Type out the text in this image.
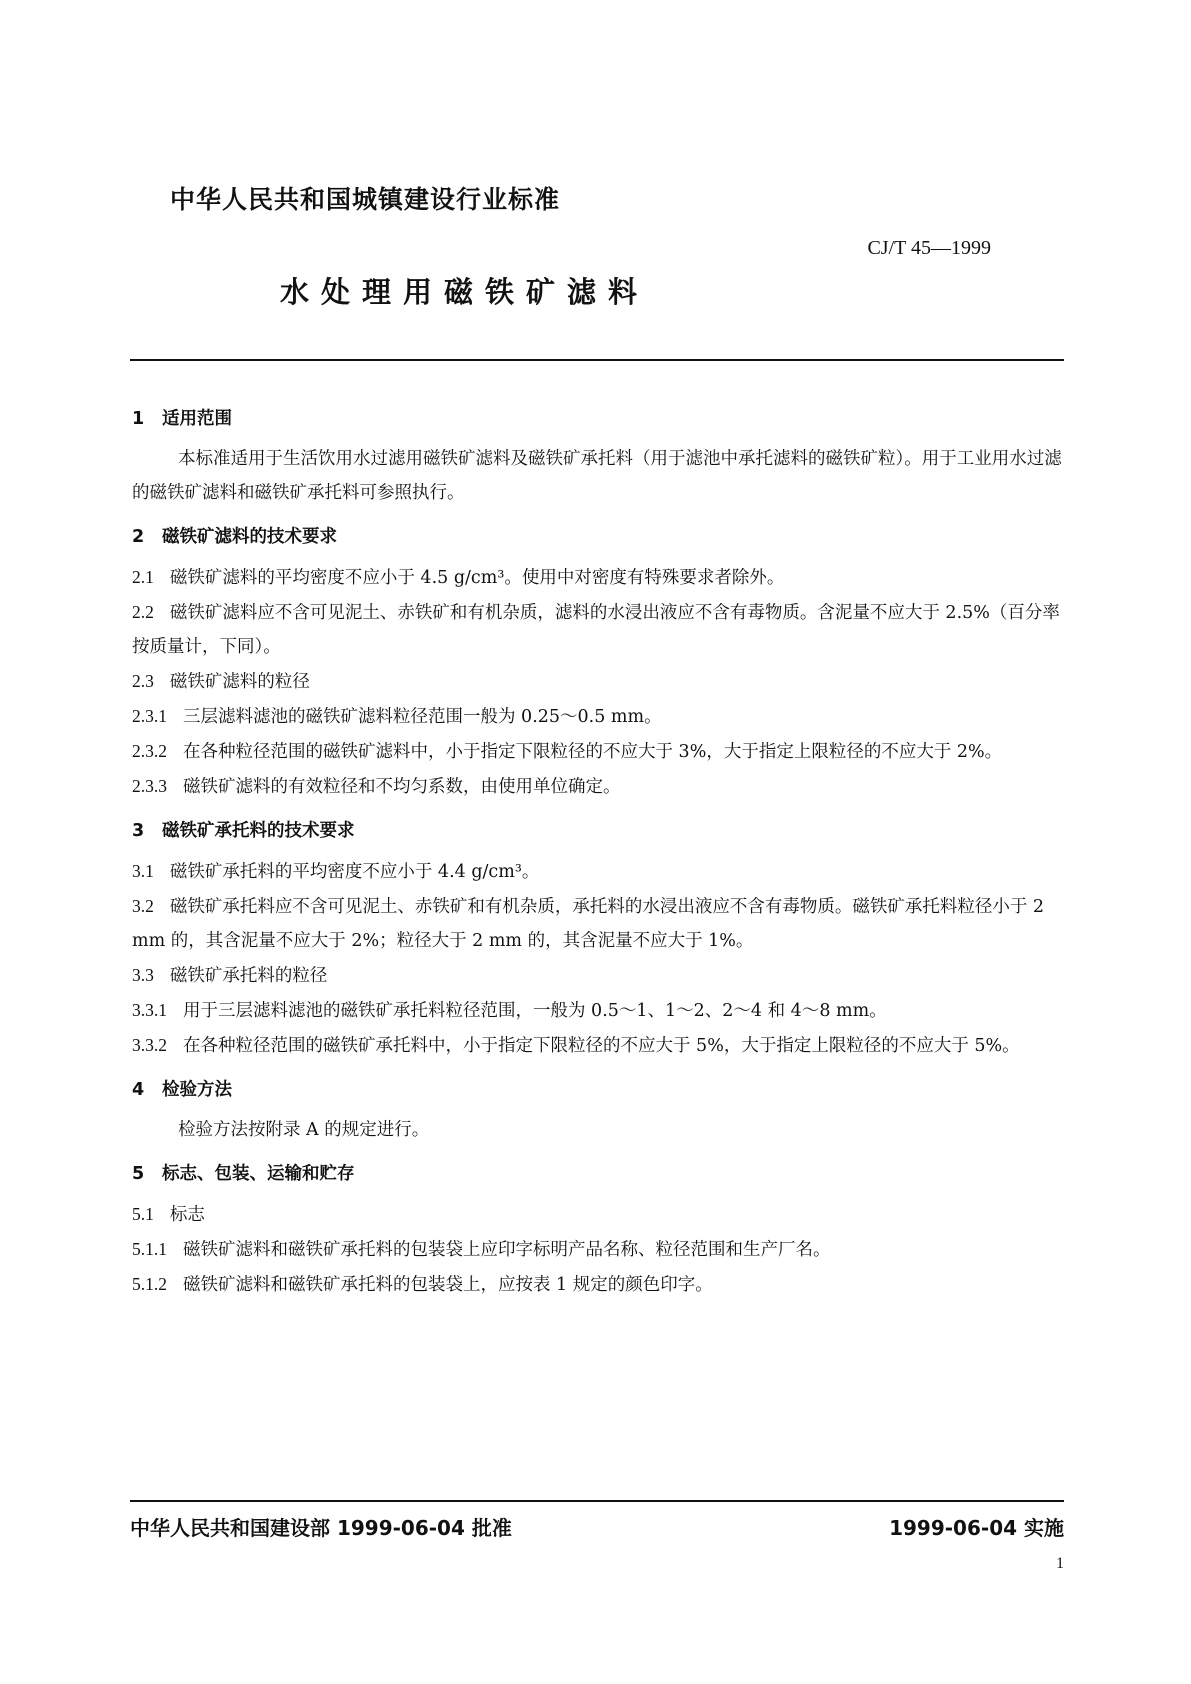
中华人民共和国城镇建设行业标准
CJ/T 45—1999
水处理用磁铁矿滤料
1 适用范围
本标准适用于生活饮用水过滤用磁铁矿滤料及磁铁矿承托料（用于滤池中承托滤料的磁铁矿粒）。用于工业用水过滤的磁铁矿滤料和磁铁矿承托料可参照执行。
2 磁铁矿滤料的技术要求
2.1 磁铁矿滤料的平均密度不应小于 4.5 g/cm³。使用中对密度有特殊要求者除外。
2.2 磁铁矿滤料应不含可见泥土、赤铁矿和有机杂质，滤料的水浸出液应不含有毒物质。含泥量不应大于 2.5%（百分率按质量计，下同）。
2.3 磁铁矿滤料的粒径
2.3.1 三层滤料滤池的磁铁矿滤料粒径范围一般为 0.25～0.5 mm。
2.3.2 在各种粒径范围的磁铁矿滤料中，小于指定下限粒径的不应大于 3%，大于指定上限粒径的不应大于 2%。
2.3.3 磁铁矿滤料的有效粒径和不均匀系数，由使用单位确定。
3 磁铁矿承托料的技术要求
3.1 磁铁矿承托料的平均密度不应小于 4.4 g/cm³。
3.2 磁铁矿承托料应不含可见泥土、赤铁矿和有机杂质，承托料的水浸出液应不含有毒物质。磁铁矿承托料粒径小于 2 mm 的，其含泥量不应大于 2%；粒径大于 2 mm 的，其含泥量不应大于 1%。
3.3 磁铁矿承托料的粒径
3.3.1 用于三层滤料滤池的磁铁矿承托料粒径范围，一般为 0.5～1、1～2、2～4 和 4～8 mm。
3.3.2 在各种粒径范围的磁铁矿承托料中，小于指定下限粒径的不应大于 5%，大于指定上限粒径的不应大于 5%。
4 检验方法
检验方法按附录 A 的规定进行。
5 标志、包装、运输和贮存
5.1 标志
5.1.1 磁铁矿滤料和磁铁矿承托料的包装袋上应印字标明产品名称、粒径范围和生产厂名。
5.1.2 磁铁矿滤料和磁铁矿承托料的包装袋上，应按表 1 规定的颜色印字。
中华人民共和国建设部 1999-06-04 批准	1999-06-04 实施
1
